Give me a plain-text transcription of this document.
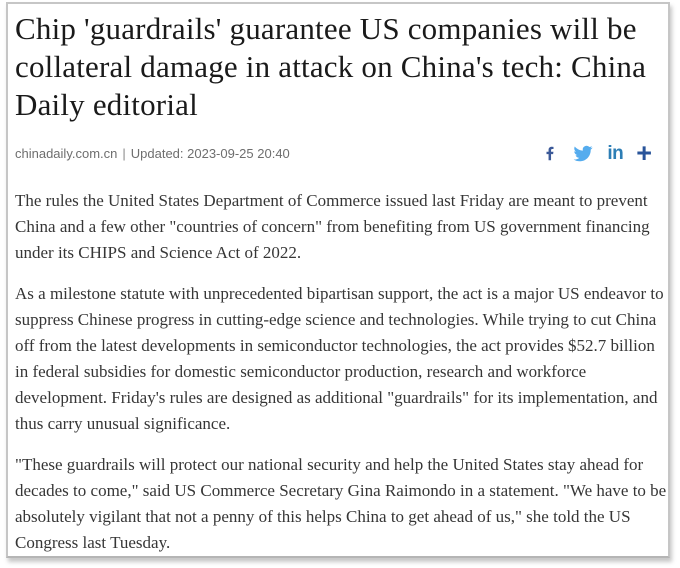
Chip 'guardrails' guarantee US companies will be collateral damage in attack on China's tech: China Daily editorial
chinadaily.com.cn | Updated: 2023-09-25 20:40	in +

The rules the United States Department of Commerce issued last Friday are meant to prevent China and a few other "countries of concern" from benefiting from US government financing under its CHIPS and Science Act of 2022.

As a milestone statute with unprecedented bipartisan support, the act is a major US endeavor to suppress Chinese progress in cutting-edge science and technologies. While trying to cut China off from the latest developments in semiconductor technologies, the act provides $52.7 billion in federal subsidies for domestic semiconductor production, research and workforce development. Friday's rules are designed as additional "guardrails" for its implementation, and thus carry unusual significance.

"These guardrails will protect our national security and help the United States stay ahead for decades to come," said US Commerce Secretary Gina Raimondo in a statement. "We have to be absolutely vigilant that not a penny of this helps China to get ahead of us," she told the US Congress last Tuesday.
